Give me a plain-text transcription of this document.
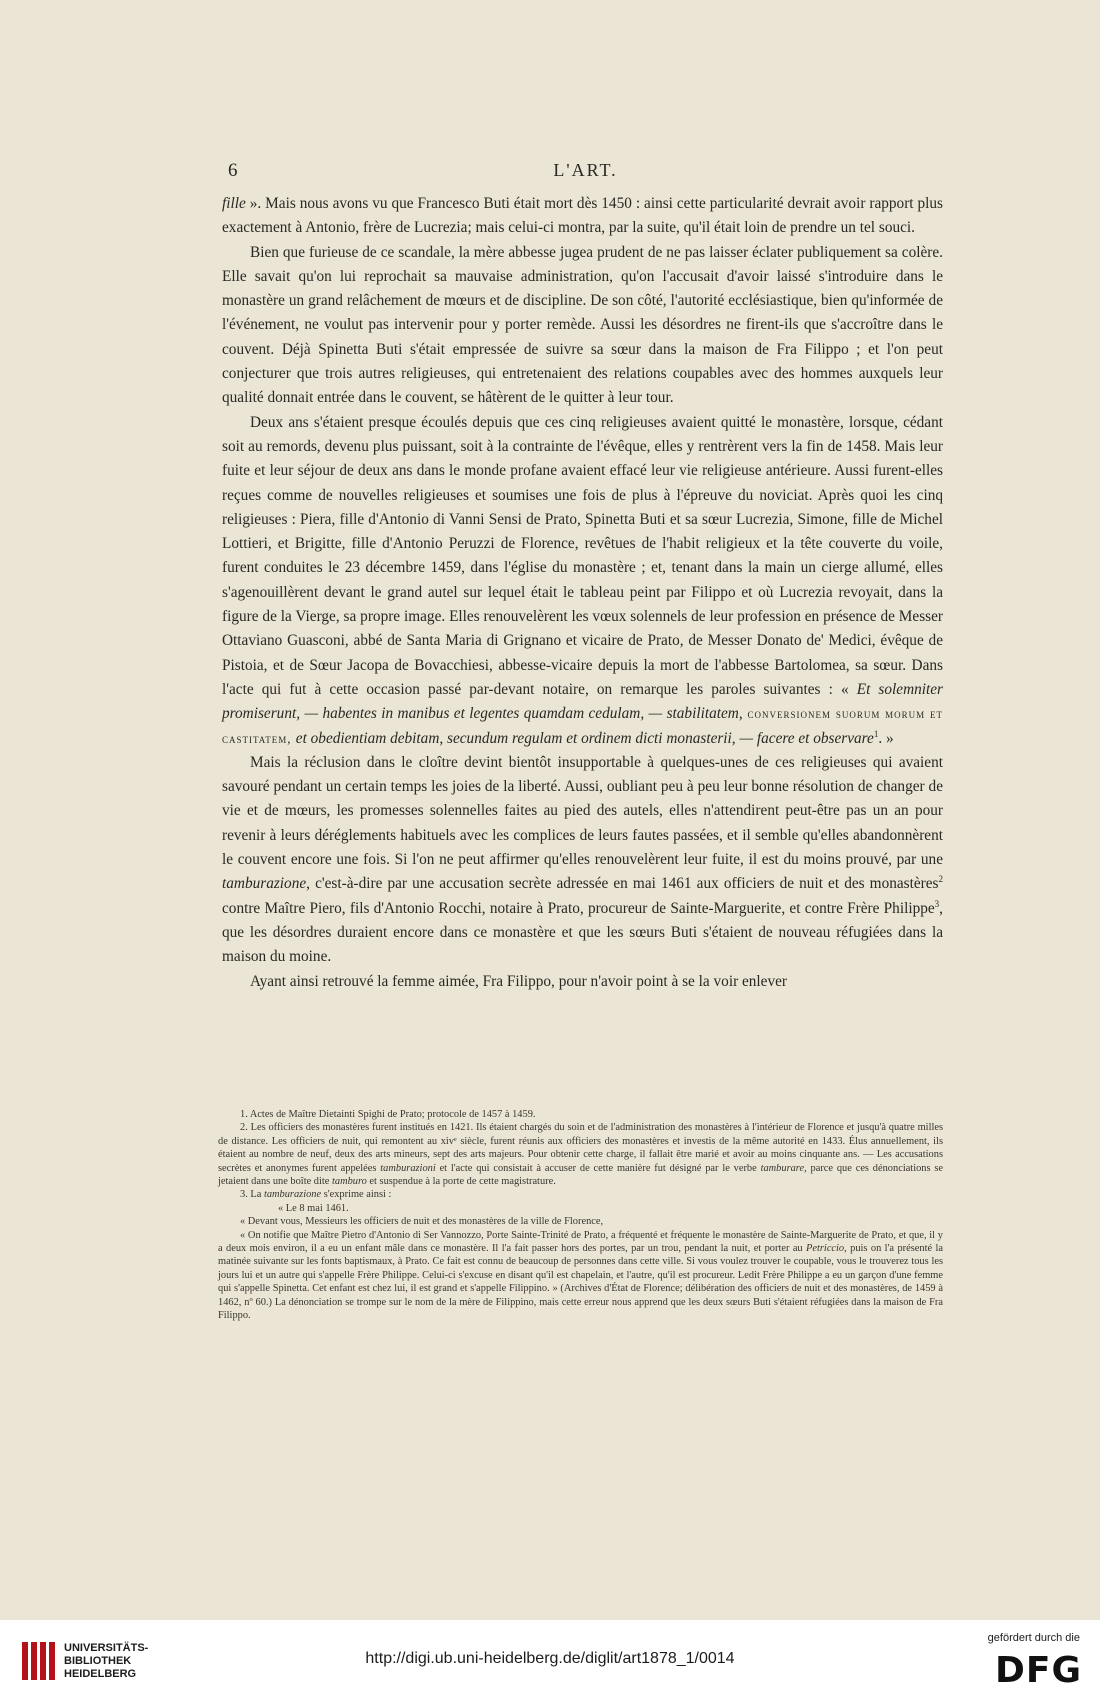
6	L'ART.

fille ». Mais nous avons vu que Francesco Buti était mort dès 1450 : ainsi cette particularité devrait avoir rapport plus exactement à Antonio, frère de Lucrezia; mais celui-ci montra, par la suite, qu'il était loin de prendre un tel souci.

Bien que furieuse de ce scandale, la mère abbesse jugea prudent de ne pas laisser éclater publiquement sa colère. Elle savait qu'on lui reprochait sa mauvaise administration, qu'on l'accusait d'avoir laissé s'introduire dans le monastère un grand relâchement de mœurs et de discipline. De son côté, l'autorité ecclésiastique, bien qu'informée de l'événement, ne voulut pas intervenir pour y porter remède. Aussi les désordres ne firent-ils que s'accroître dans le couvent. Déjà Spinetta Buti s'était empressée de suivre sa sœur dans la maison de Fra Filippo ; et l'on peut conjecturer que trois autres religieuses, qui entretenaient des relations coupables avec des hommes auxquels leur qualité donnait entrée dans le couvent, se hâtèrent de le quitter à leur tour.

Deux ans s'étaient presque écoulés depuis que ces cinq religieuses avaient quitté le monastère, lorsque, cédant soit au remords, devenu plus puissant, soit à la contrainte de l'évêque, elles y rentrèrent vers la fin de 1458. Mais leur fuite et leur séjour de deux ans dans le monde profane avaient effacé leur vie religieuse antérieure. Aussi furent-elles reçues comme de nouvelles religieuses et soumises une fois de plus à l'épreuve du noviciat. Après quoi les cinq religieuses : Piera, fille d'Antonio di Vanni Sensi de Prato, Spinetta Buti et sa sœur Lucrezia, Simone, fille de Michel Lottieri, et Brigitte, fille d'Antonio Peruzzi de Florence, revêtues de l'habit religieux et la tête couverte du voile, furent conduites le 23 décembre 1459, dans l'église du monastère ; et, tenant dans la main un cierge allumé, elles s'agenouillèrent devant le grand autel sur lequel était le tableau peint par Filippo et où Lucrezia revoyait, dans la figure de la Vierge, sa propre image. Elles renouvelèrent les vœux solennels de leur profession en présence de Messer Ottaviano Guasconi, abbé de Santa Maria di Grignano et vicaire de Prato, de Messer Donato de' Medici, évêque de Pistoia, et de Sœur Jacopa de Bovacchiesi, abbesse-vicaire depuis la mort de l'abbesse Bartolomea, sa sœur. Dans l'acte qui fut à cette occasion passé par-devant notaire, on remarque les paroles suivantes : « Et solemniter promiserunt, — habentes in manibus et legentes quamdam cedulam, — stabilitatem, conversionem suorum morum et castitatem, et obedientiam debitam, secundum regulam et ordinem dicti monasterii, — facere et observare$^1$. »

Mais la réclusion dans le cloître devint bientôt insupportable à quelques-unes de ces religieuses qui avaient savouré pendant un certain temps les joies de la liberté. Aussi, oubliant peu à peu leur bonne résolution de changer de vie et de mœurs, les promesses solennelles faites au pied des autels, elles n'attendirent peut-être pas un an pour revenir à leurs déréglements habituels avec les complices de leurs fautes passées, et il semble qu'elles abandonnèrent le couvent encore une fois. Si l'on ne peut affirmer qu'elles renouvelèrent leur fuite, il est du moins prouvé, par une tamburazione, c'est-à-dire par une accusation secrète adressée en mai 1461 aux officiers de nuit et des monastères$^2$ contre Maître Piero, fils d'Antonio Rocchi, notaire à Prato, procureur de Sainte-Marguerite, et contre Frère Philippe$^3$, que les désordres duraient encore dans ce monastère et que les sœurs Buti s'étaient de nouveau réfugiées dans la maison du moine.

Ayant ainsi retrouvé la femme aimée, Fra Filippo, pour n'avoir point à se la voir enlever

1. Actes de Maître Dietainti Spighi de Prato; protocole de 1457 à 1459.

2. Les officiers des monastères furent institués en 1421. Ils étaient chargés du soin et de l'administration des monastères à l'intérieur de Florence et jusqu'à quatre milles de distance. Les officiers de nuit, qui remontent au xivᵉ siècle, furent réunis aux officiers des monastères et investis de la même autorité en 1433. Élus annuellement, ils étaient au nombre de neuf, deux des arts mineurs, sept des arts majeurs. Pour obtenir cette charge, il fallait être marié et avoir au moins cinquante ans. — Les accusations secrètes et anonymes furent appelées tamburazioni et l'acte qui consistait à accuser de cette manière fut désigné par le verbe tamburare, parce que ces dénonciations se jetaient dans une boîte dite tamburo et suspendue à la porte de cette magistrature.

3. La tamburazione s'exprime ainsi :

« Le 8 mai 1461.

« Devant vous, Messieurs les officiers de nuit et des monastères de la ville de Florence,

« On notifie que Maître Pietro d'Antonio di Ser Vannozzo, Porte Sainte-Trinité de Prato, a fréquenté et fréquente le monastère de Sainte-Marguerite de Prato, et que, il y a deux mois environ, il a eu un enfant mâle dans ce monastère. Il l'a fait passer hors des portes, par un trou, pendant la nuit, et porter au Petriccio, puis on l'a présenté la matinée suivante sur les fonts baptismaux, à Prato. Ce fait est connu de beaucoup de personnes dans cette ville. Si vous voulez trouver le coupable, vous le trouverez tous les jours lui et un autre qui s'appelle Frère Philippe. Celui-ci s'excuse en disant qu'il est chapelain, et l'autre, qu'il est procureur. Ledit Frère Philippe a eu un garçon d'une femme qui s'appelle Spinetta. Cet enfant est chez lui, il est grand et s'appelle Filippino. » (Archives d'État de Florence; délibération des officiers de nuit et des monastères, de 1459 à 1462, nº 60.) La dénonciation se trompe sur le nom de la mère de Filippino, mais cette erreur nous apprend que les deux sœurs Buti s'étaient réfugiées dans la maison de Fra Filippo.

UNIVERSITÄTS-
BIBLIOTHEK
HEIDELBERG
http://digi.ub.uni-heidelberg.de/diglit/art1878_1/0014
gefördert durch die
DFG
